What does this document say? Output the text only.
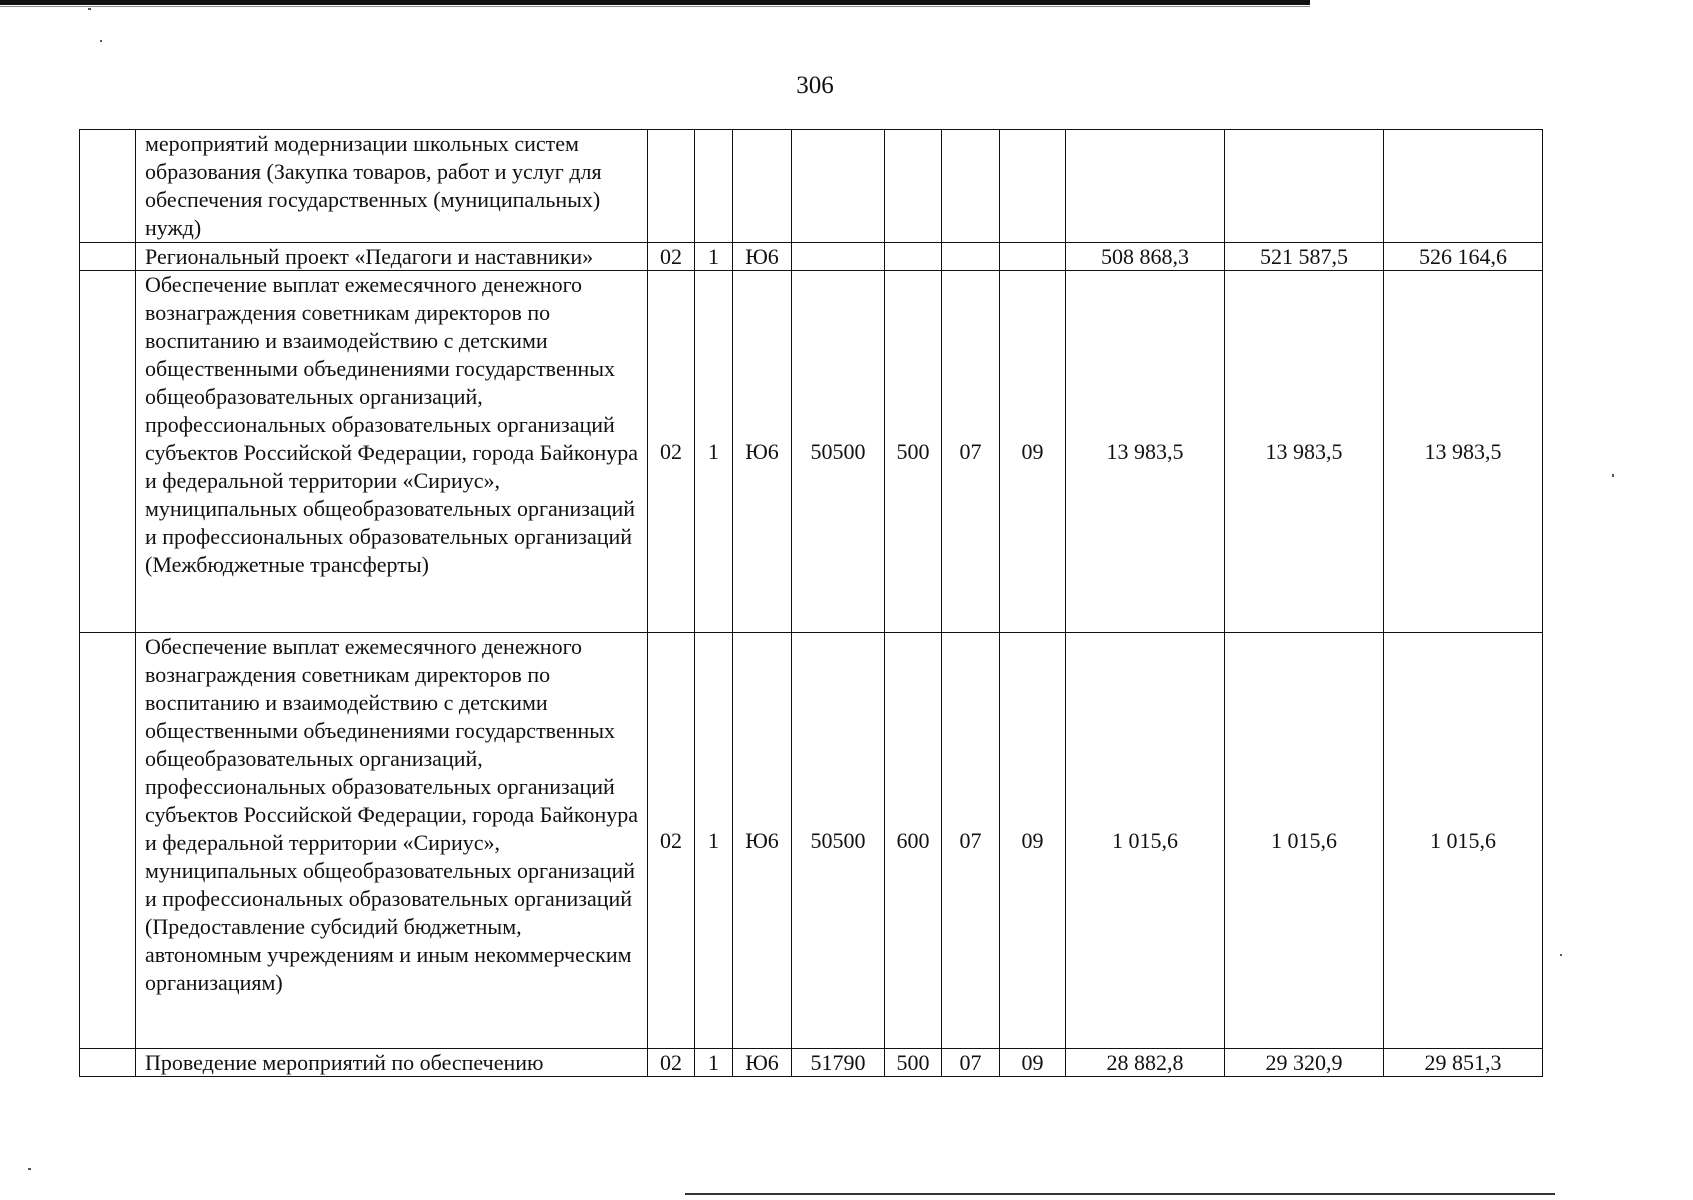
306
	мероприятий модернизации школьных систем образования (Закупка товаров, работ и услуг для обеспечения государственных (муниципальных) нужд)										
	Региональный проект «Педагоги и наставники»	02	1	Ю6					508 868,3	521 587,5	526 164,6
	Обеспечение выплат ежемесячного денежного вознаграждения советникам директоров по воспитанию и взаимодействию с детскими общественными объединениями государственных общеобразовательных организаций, профессиональных образовательных организаций субъектов Российской Федерации, города Байконура и федеральной территории «Сириус», муниципальных общеобразовательных организаций и профессиональных образовательных организаций (Межбюджетные трансферты)	02	1	Ю6	50500	500	07	09	13 983,5	13 983,5	13 983,5
	Обеспечение выплат ежемесячного денежного вознаграждения советникам директоров по воспитанию и взаимодействию с детскими общественными объединениями государственных общеобразовательных организаций, профессиональных образовательных организаций субъектов Российской Федерации, города Байконура и федеральной территории «Сириус», муниципальных общеобразовательных организаций и профессиональных образовательных организаций (Предоставление субсидий бюджетным, автономным учреждениям и иным некоммерческим организациям)	02	1	Ю6	50500	600	07	09	1 015,6	1 015,6	1 015,6
	Проведение мероприятий по обеспечению	02	1	Ю6	51790	500	07	09	28 882,8	29 320,9	29 851,3
